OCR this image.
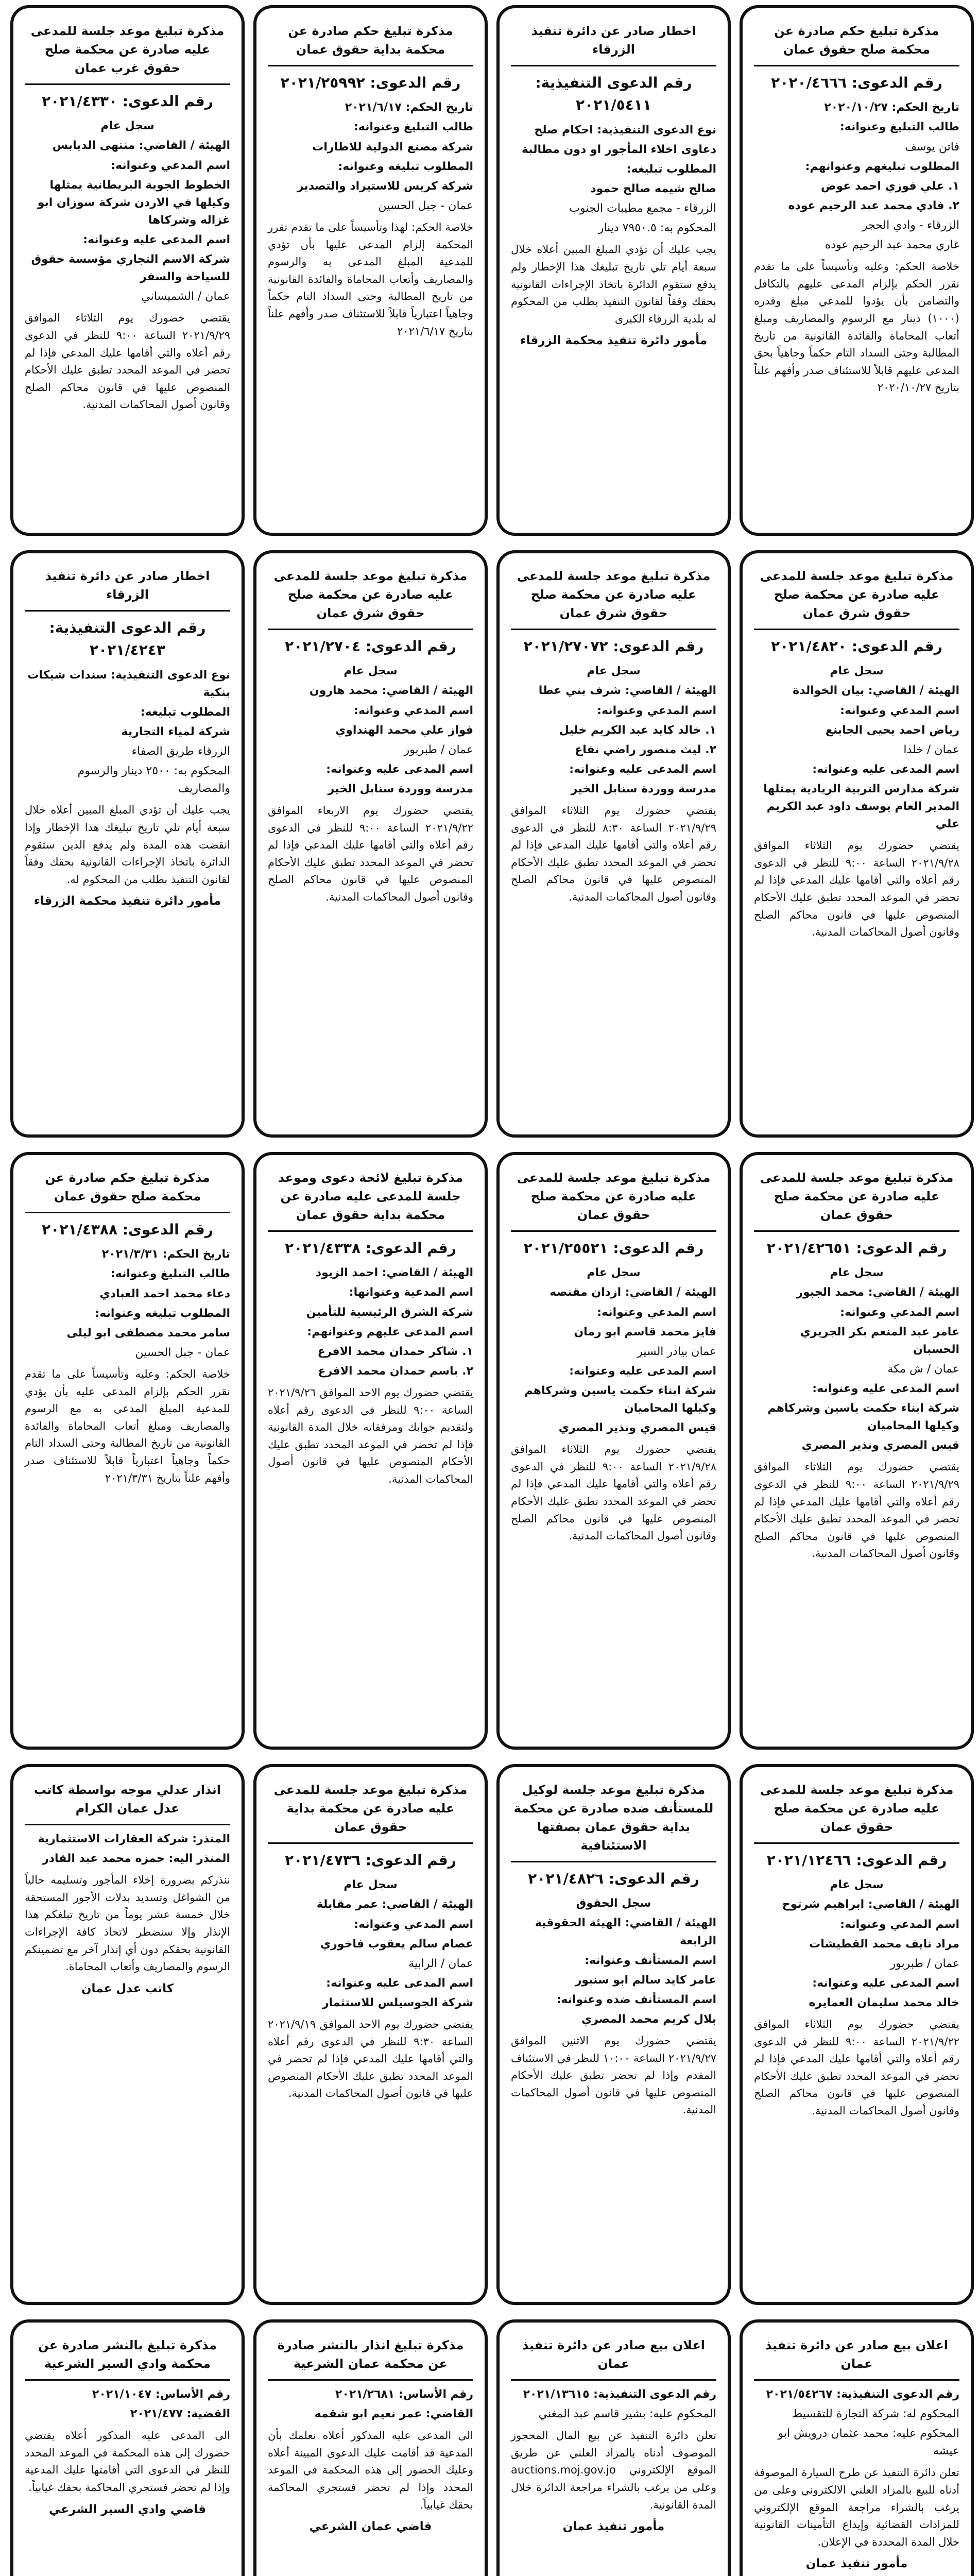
مذكرة تبليغ حكم صادرة عن محكمة صلح حقوق عمان
رقم الدعوى: ٢٠٢٠/٤٦٦٦
تاريخ الحكم: ٢٠٢٠/١٠/٢٧
طالب التبليغ وعنوانه:
فاتن يوسف
المطلوب تبليغهم وعنوانهم:
١. علي فوزي احمد عوض
٢. فادي محمد عبد الرحيم عوده
الزرقاء - وادي الحجر
غاري محمد عبد الرحيم عوده
خلاصة الحكم: وعليه وتأسيساً على ما تقدم نقرر الحكم بإلزام المدعى عليهم بالتكافل والتضامن بأن يؤدوا للمدعي مبلغ وقدره (١٠٠٠) دينار مع الرسوم والمصاريف ومبلغ أتعاب المحاماة والفائدة القانونية من تاريخ المطالبة وحتى السداد التام حكماً وجاهياً بحق المدعى عليهم قابلاً للاستئناف صدر وأفهم علناً بتاريخ ٢٠٢٠/١٠/٢٧
مذكرة تبليغ موعد جلسة للمدعى عليه صادرة عن محكمة صلح حقوق شرق عمان
رقم الدعوى: ٢٠٢١/٤٨٢٠
سجل عام
الهيئة / القاضي: بيان الخوالدة
اسم المدعي وعنوانه:
رياض احمد يحيى الجابنع
عمان / خلدا
اسم المدعى عليه وعنوانه:
شركة مدارس التربية الريادية يمثلها المدير العام يوسف داود عبد الكريم علي
يقتضي حضورك يوم الثلاثاء الموافق ٢٠٢١/٩/٢٨ الساعة ٩:٠٠ للنظر في الدعوى رقم أعلاه والتي أقامها عليك المدعي فإذا لم تحضر في الموعد المحدد تطبق عليك الأحكام المنصوص عليها في قانون محاكم الصلح وقانون أصول المحاكمات المدنية.
مذكرة تبليغ موعد جلسة للمدعى عليه صادرة عن محكمة صلح حقوق عمان
رقم الدعوى: ٢٠٢١/٤٢٦٥١
سجل عام
الهيئة / القاضي: محمد الجبور
اسم المدعي وعنوانه:
عامر عبد المنعم بكر الجريري الحسبان
عمان / ش مكة
اسم المدعى عليه وعنوانه:
شركة ابناء حكمت ياسين وشركاهم وكيلها المحاميان
قيس المصري ونذير المصري
يقتضي حضورك يوم الثلاثاء الموافق ٢٠٢١/٩/٢٩ الساعة ٩:٠٠ للنظر في الدعوى رقم أعلاه والتي أقامها عليك المدعي فإذا لم تحضر في الموعد المحدد تطبق عليك الأحكام المنصوص عليها في قانون محاكم الصلح وقانون أصول المحاكمات المدنية.
مذكرة تبليغ موعد جلسة للمدعى عليه صادرة عن محكمة صلح حقوق عمان
رقم الدعوى: ٢٠٢١/١٢٤٦٦
سجل عام
الهيئة / القاضي: ابراهيم شرتوح
اسم المدعي وعنوانه:
مراد نايف محمد القطيشات
عمان / طبربور
اسم المدعى عليه وعنوانه:
خالد محمد سليمان العمايره
يقتضي حضورك يوم الثلاثاء الموافق ٢٠٢١/٩/٢٢ الساعة ٩:٠٠ للنظر في الدعوى رقم أعلاه والتي أقامها عليك المدعي فإذا لم تحضر في الموعد المحدد تطبق عليك الأحكام المنصوص عليها في قانون محاكم الصلح وقانون أصول المحاكمات المدنية.
اعلان بيع صادر عن دائرة تنفيذ عمان
رقم الدعوى التنفيذية: ٢٠٢١/٥٤٢٦٧
المحكوم له: شركة التجارة للتقسيط
المحكوم عليه: محمد عثمان درويش ابو عيشه
تعلن دائرة التنفيذ عن طرح السيارة الموصوفة أدناه للبيع بالمزاد العلني الالكتروني وعلى من يرغب بالشراء مراجعة الموقع الإلكتروني للمزادات القضائية وإيداع التأمينات القانونية خلال المدة المحددة في الإعلان.
مأمور تنفيذ عمان
اخطار صادر عن دائرة تنفيذ الزرقاء
رقم الدعوى التنفيذية: ٢٠٢١/٥٤١١
نوع الدعوى التنفيذية: احكام صلح
دعاوى اخلاء المأجور او دون مطالبة
المطلوب تبليغه:
صالح شيمه صالح حمود
الزرقاء - مجمع مطيبات الجنوب
المحكوم به: ٧٩٥٠.٥ دينار
يجب عليك أن تؤدي المبلغ المبين أعلاه خلال سبعة أيام تلي تاريخ تبليغك هذا الإخطار ولم يدفع ستقوم الدائرة باتخاذ الإجراءات القانونية بحقك وفقاً لقانون التنفيذ بطلب من المحكوم له بلدية الزرقاء الكبرى
مأمور دائرة تنفيذ محكمة الزرقاء
مذكرة تبليغ موعد جلسة للمدعى عليه صادرة عن محكمة صلح حقوق شرق عمان
رقم الدعوى: ٢٠٢١/٢٧٠٧٢
سجل عام
الهيئة / القاضي: شرف بني عطا
اسم المدعي وعنوانه:
١. خالد كايد عبد الكريم خليل
٢. ليث منصور راضي نفاع
اسم المدعى عليه وعنوانه:
مدرسة ووردة سنابل الخير
يقتضي حضورك يوم الثلاثاء الموافق ٢٠٢١/٩/٢٩ الساعة ٨:٣٠ للنظر في الدعوى رقم أعلاه والتي أقامها عليك المدعي فإذا لم تحضر في الموعد المحدد تطبق عليك الأحكام المنصوص عليها في قانون محاكم الصلح وقانون أصول المحاكمات المدنية.
مذكرة تبليغ موعد جلسة للمدعى عليه صادرة عن محكمة صلح حقوق عمان
رقم الدعوى: ٢٠٢١/٢٥٥٢١
سجل عام
الهيئة / القاضي: ازدان مقنصه
اسم المدعي وعنوانه:
فايز محمد قاسم ابو رمان
عمان بيادر السير
اسم المدعى عليه وعنوانه:
شركة ابناء حكمت ياسين وشركاهم وكيلها المحاميان
قيس المصري ونذير المصري
يقتضي حضورك يوم الثلاثاء الموافق ٢٠٢١/٩/٢٨ الساعة ٩:٠٠ للنظر في الدعوى رقم أعلاه والتي أقامها عليك المدعي فإذا لم تحضر في الموعد المحدد تطبق عليك الأحكام المنصوص عليها في قانون محاكم الصلح وقانون أصول المحاكمات المدنية.
مذكرة تبليغ موعد جلسة لوكيل للمستأنف ضده صادرة عن محكمة بداية حقوق عمان بصفتها الاستئنافية
رقم الدعوى: ٢٠٢١/٤٨٢٦
سجل الحقوق
الهيئة / القاضي: الهيئة الحقوقية الرابعة
اسم المستأنف وعنوانه:
عامر كايد سالم ابو سنبور
اسم المستأنف ضده وعنوانه:
بلال كريم محمد المصري
يقتضي حضورك يوم الاثنين الموافق ٢٠٢١/٩/٢٧ الساعة ١٠:٠٠ للنظر في الاستئناف المقدم وإذا لم تحضر تطبق عليك الأحكام المنصوص عليها في قانون أصول المحاكمات المدنية.
اعلان بيع صادر عن دائرة تنفيذ عمان
رقم الدعوى التنفيذية: ٢٠٢١/١٣٦١٥
المحكوم عليه: بشير قاسم عبد المغني
تعلن دائرة التنفيذ عن بيع المال المحجوز الموصوف أدناه بالمزاد العلني عن طريق الموقع الإلكتروني auctions.moj.gov.jo وعلى من يرغب بالشراء مراجعة الدائرة خلال المدة القانونية.
مأمور تنفيذ عمان
مذكرة تبليغ حكم صادرة عن محكمة بداية حقوق عمان
رقم الدعوى: ٢٠٢١/٢٥٩٩٢
تاريخ الحكم: ٢٠٢١/٦/١٧
طالب التبليغ وعنوانه:
شركة مصنع الدولية للاطارات
المطلوب تبليغه وعنوانه:
شركة كريس للاستيراد والتصدير
عمان - جبل الحسين
خلاصة الحكم: لهذا وتأسيساً على ما تقدم تقرر المحكمة إلزام المدعى عليها بأن تؤدي للمدعية المبلغ المدعى به والرسوم والمصاريف وأتعاب المحاماة والفائدة القانونية من تاريخ المطالبة وحتى السداد التام حكماً وجاهياً اعتبارياً قابلاً للاستئناف صدر وأفهم علناً بتاريخ ٢٠٢١/٦/١٧
مذكرة تبليغ موعد جلسة للمدعى عليه صادرة عن محكمة صلح حقوق شرق عمان
رقم الدعوى: ٢٠٢١/٢٧٠٤
سجل عام
الهيئة / القاضي: محمد هارون
اسم المدعي وعنوانه:
فواز علي محمد الهنداوي
عمان / طبربور
اسم المدعى عليه وعنوانه:
مدرسة ووردة سنابل الخير
يقتضي حضورك يوم الاربعاء الموافق ٢٠٢١/٩/٢٢ الساعة ٩:٠٠ للنظر في الدعوى رقم أعلاه والتي أقامها عليك المدعي فإذا لم تحضر في الموعد المحدد تطبق عليك الأحكام المنصوص عليها في قانون محاكم الصلح وقانون أصول المحاكمات المدنية.
مذكرة تبليغ لائحة دعوى وموعد جلسة للمدعى عليه صادرة عن محكمة بداية حقوق عمان
رقم الدعوى: ٢٠٢١/٤٣٣٨
الهيئة / القاضي: احمد الزيود
اسم المدعية وعنوانها:
شركة الشرق الرئيسية للتأمين
اسم المدعى عليهم وعنوانهم:
١. شاكر حمدان محمد الافرع
٢. باسم حمدان محمد الافرع
يقتضي حضورك يوم الاحد الموافق ٢٠٢١/٩/٢٦ الساعة ٩:٠٠ للنظر في الدعوى رقم أعلاه ولتقديم جوابك ومرفقاته خلال المدة القانونية فإذا لم تحضر في الموعد المحدد تطبق عليك الأحكام المنصوص عليها في قانون أصول المحاكمات المدنية.
مذكرة تبليغ موعد جلسة للمدعى عليه صادرة عن محكمة بداية حقوق عمان
رقم الدعوى: ٢٠٢١/٤٧٣٦
سجل عام
الهيئة / القاضي: عمر مقابلة
اسم المدعي وعنوانه:
عصام سالم يعقوب فاخوري
عمان / الرابية
اسم المدعى عليه وعنوانه:
شركة الجوسيلس للاستثمار
يقتضي حضورك يوم الاحد الموافق ٢٠٢١/٩/١٩ الساعة ٩:٣٠ للنظر في الدعوى رقم أعلاه والتي أقامها عليك المدعي فإذا لم تحضر في الموعد المحدد تطبق عليك الأحكام المنصوص عليها في قانون أصول المحاكمات المدنية.
مذكرة تبليغ انذار بالنشر صادرة عن محكمة عمان الشرعية
رقم الأساس: ٢٠٢١/٢٦٨١
القاضي: عمر نعيم ابو شقمه
الى المدعى عليه المذكور أعلاه نعلمك بأن المدعية قد أقامت عليك الدعوى المبينة أعلاه وعليك الحضور إلى هذه المحكمة في الموعد المحدد وإذا لم تحضر فستجري المحاكمة بحقك غيابياً.
قاضي عمان الشرعي
مذكرة تبليغ موعد جلسة للمدعى عليه صادرة عن محكمة صلح حقوق غرب عمان
رقم الدعوى: ٢٠٢١/٤٣٣٠
سجل عام
الهيئة / القاضي: منتهى الديابس
اسم المدعي وعنوانه:
الخطوط الجوية البريطانية يمثلها وكيلها في الاردن شركة سوزان ابو غزاله وشركاها
اسم المدعى عليه وعنوانه:
شركة الاسم التجاري مؤسسة حقوق للسياحة والسفر
عمان / الشميساني
يقتضي حضورك يوم الثلاثاء الموافق ٢٠٢١/٩/٢٩ الساعة ٩:٠٠ للنظر في الدعوى رقم أعلاه والتي أقامها عليك المدعي فإذا لم تحضر في الموعد المحدد تطبق عليك الأحكام المنصوص عليها في قانون محاكم الصلح وقانون أصول المحاكمات المدنية.
اخطار صادر عن دائرة تنفيذ الزرقاء
رقم الدعوى التنفيذية: ٢٠٢١/٤٢٤٣
نوع الدعوى التنفيذية: سندات شيكات بنكية
المطلوب تبليغه:
شركة لمياء التجارية
الزرقاء طريق الصفاء
المحكوم به: ٢٥٠٠ دينار والرسوم والمصاريف
يجب عليك أن تؤدي المبلغ المبين أعلاه خلال سبعة أيام تلي تاريخ تبليغك هذا الإخطار وإذا انقضت هذه المدة ولم يدفع الدين ستقوم الدائرة باتخاذ الإجراءات القانونية بحقك وفقاً لقانون التنفيذ بطلب من المحكوم له.
مأمور دائرة تنفيذ محكمة الزرقاء
مذكرة تبليغ حكم صادرة عن محكمة صلح حقوق عمان
رقم الدعوى: ٢٠٢١/٤٣٨٨
تاريخ الحكم: ٢٠٢١/٣/٣١
طالب التبليغ وعنوانه:
دعاء محمد احمد العبادي
المطلوب تبليغه وعنوانه:
سامر محمد مصطفى ابو ليلى
عمان - جبل الحسين
خلاصة الحكم: وعليه وتأسيساً على ما تقدم نقرر الحكم بإلزام المدعى عليه بأن يؤدي للمدعية المبلغ المدعى به مع الرسوم والمصاريف ومبلغ أتعاب المحاماة والفائدة القانونية من تاريخ المطالبة وحتى السداد التام حكماً وجاهياً اعتبارياً قابلاً للاستئناف صدر وأفهم علناً بتاريخ ٢٠٢١/٣/٣١
انذار عدلي موجه بواسطة كاتب عدل عمان الكرام
المنذر: شركة العقارات الاستثمارية
المنذر اليه: حمزه محمد عبد القادر
ننذركم بضرورة إخلاء المأجور وتسليمه خالياً من الشواغل وتسديد بدلات الأجور المستحقة خلال خمسة عشر يوماً من تاريخ تبلغكم هذا الإنذار وإلا سنضطر لاتخاذ كافة الإجراءات القانونية بحقكم دون أي إنذار آخر مع تضمينكم الرسوم والمصاريف وأتعاب المحاماة.
كاتب عدل عمان
مذكرة تبليغ بالنشر صادرة عن محكمة وادي السير الشرعية
رقم الأساس: ٢٠٢١/١٠٤٧
القضية: ٢٠٢١/٤٧٧
الى المدعى عليه المذكور أعلاه يقتضي حضورك إلى هذه المحكمة في الموعد المحدد للنظر في الدعوى التي أقامتها عليك المدعية وإذا لم تحضر فستجري المحاكمة بحقك غيابياً.
قاضي وادي السير الشرعي
